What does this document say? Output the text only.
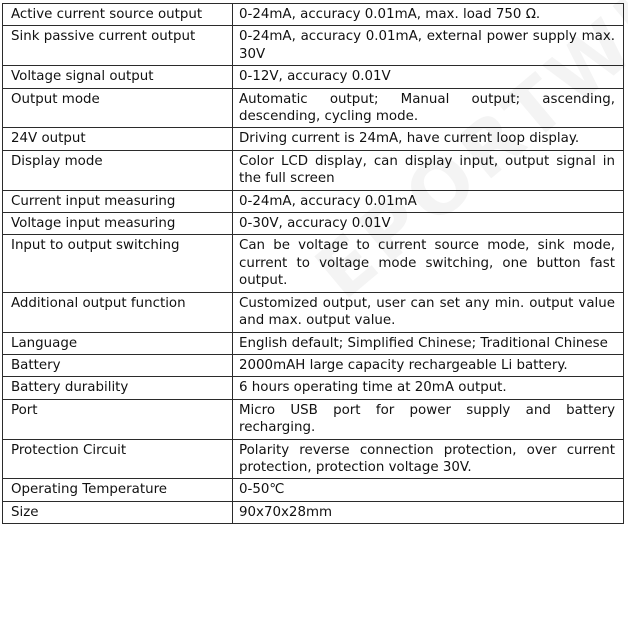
Active current source output	0-24mA, accuracy 0.01mA, max. load 750 Ω.
Sink passive current output	0-24mA, accuracy 0.01mA, external power supply max. 30V
Voltage signal output	0-12V, accuracy 0.01V
Output mode	Automatic output; Manual output; ascending, descending, cycling mode.
24V output	Driving current is 24mA, have current loop display.
Display mode	Color LCD display, can display input, output signal in the full screen
Current input measuring	0-24mA, accuracy 0.01mA
Voltage input measuring	0-30V, accuracy 0.01V
Input to output switching	Can be voltage to current source mode, sink mode, current to voltage mode switching, one button fast output.
Additional output function	Customized output, user can set any min. output value and max. output value.
Language	English default; Simplified Chinese; Traditional Chinese
Battery	2000mAH large capacity rechargeable Li battery.
Battery durability	6 hours operating time at 20mA output.
Port	Micro USB port for power supply and battery recharging.
Protection Circuit	Polarity reverse connection protection, over current protection, protection voltage 30V.
Operating Temperature	0-50℃
Size	90x70x28mm
